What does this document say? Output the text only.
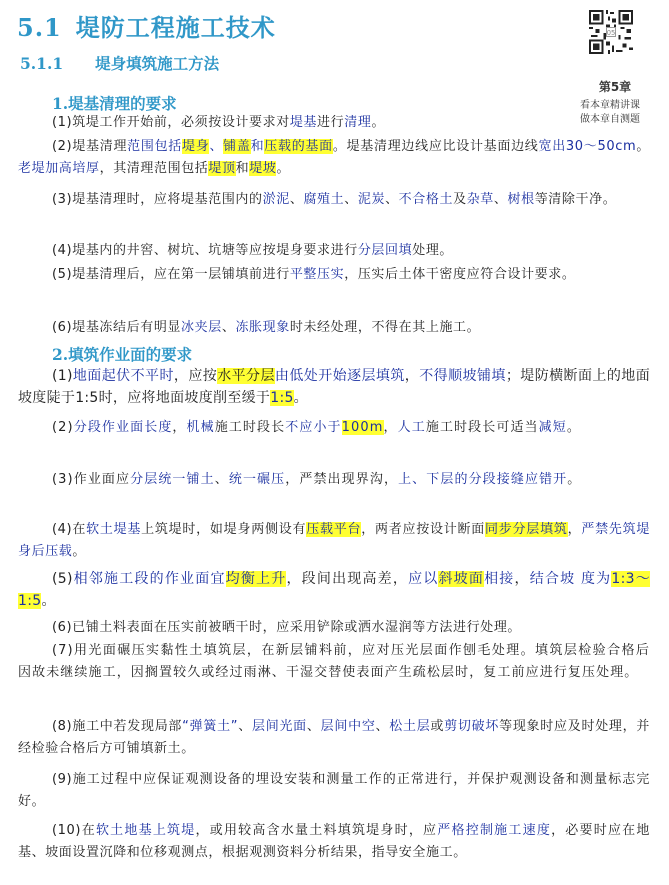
5.1 堤防工程施工技术
5.1.1 堤身填筑施工方法
05
第5章
看本章精讲课
做本章自测题
1.堤基清理的要求
(1)筑堤工作开始前，必须按设计要求对堤基进行清理。
(2)堤基清理范围包括堤身、铺盖和压载的基面。堤基清理边线应比设计基面边线宽出30～50cm。老堤加高培厚，其清理范围包括堤顶和堤坡。
(3)堤基清理时，应将堤基范围内的淤泥、腐殖土、泥炭、不合格土及杂草、树根等清除干净。
(4)堤基内的井窖、树坑、坑塘等应按堤身要求进行分层回填处理。
(5)堤基清理后，应在第一层铺填前进行平整压实，压实后土体干密度应符合设计要求。
(6)堤基冻结后有明显冰夹层、冻胀现象时未经处理，不得在其上施工。
2.填筑作业面的要求
(1)地面起伏不平时，应按水平分层由低处开始逐层填筑，不得顺坡铺填；堤防横断面上的地面坡度陡于1:5时，应将地面坡度削至缓于1:5。
(2)分段作业面长度，机械施工时段长不应小于100m，人工施工时段长可适当减短。
(3)作业面应分层统一铺土、统一碾压，严禁出现界沟，上、下层的分段接缝应错开。
(4)在软土堤基上筑堤时，如堤身两侧设有压载平台，两者应按设计断面同步分层填筑，严禁先筑堤身后压载。
(5)相邻施工段的作业面宜均衡上升，段间出现高差，应以斜坡面相接，结合坡 度为1:3～1:5。
(6)已铺土料表面在压实前被晒干时，应采用铲除或洒水湿润等方法进行处理。
(7)用光面碾压实黏性土填筑层，在新层铺料前，应对压光层面作刨毛处理。填筑层检验合格后因故未继续施工，因搁置较久或经过雨淋、干湿交替使表面产生疏松层时，复工前应进行复压处理。
(8)施工中若发现局部“弹簧土”、层间光面、层间中空、松土层或剪切破坏等现象时应及时处理，并经检验合格后方可铺填新土。
(9)施工过程中应保证观测设备的埋设安装和测量工作的正常进行，并保护观测设备和测量标志完好。
(10)在软土地基上筑堤，或用较高含水量土料填筑堤身时，应严格控制施工速度，必要时应在地基、坡面设置沉降和位移观测点，根据观测资料分析结果，指导安全施工。
